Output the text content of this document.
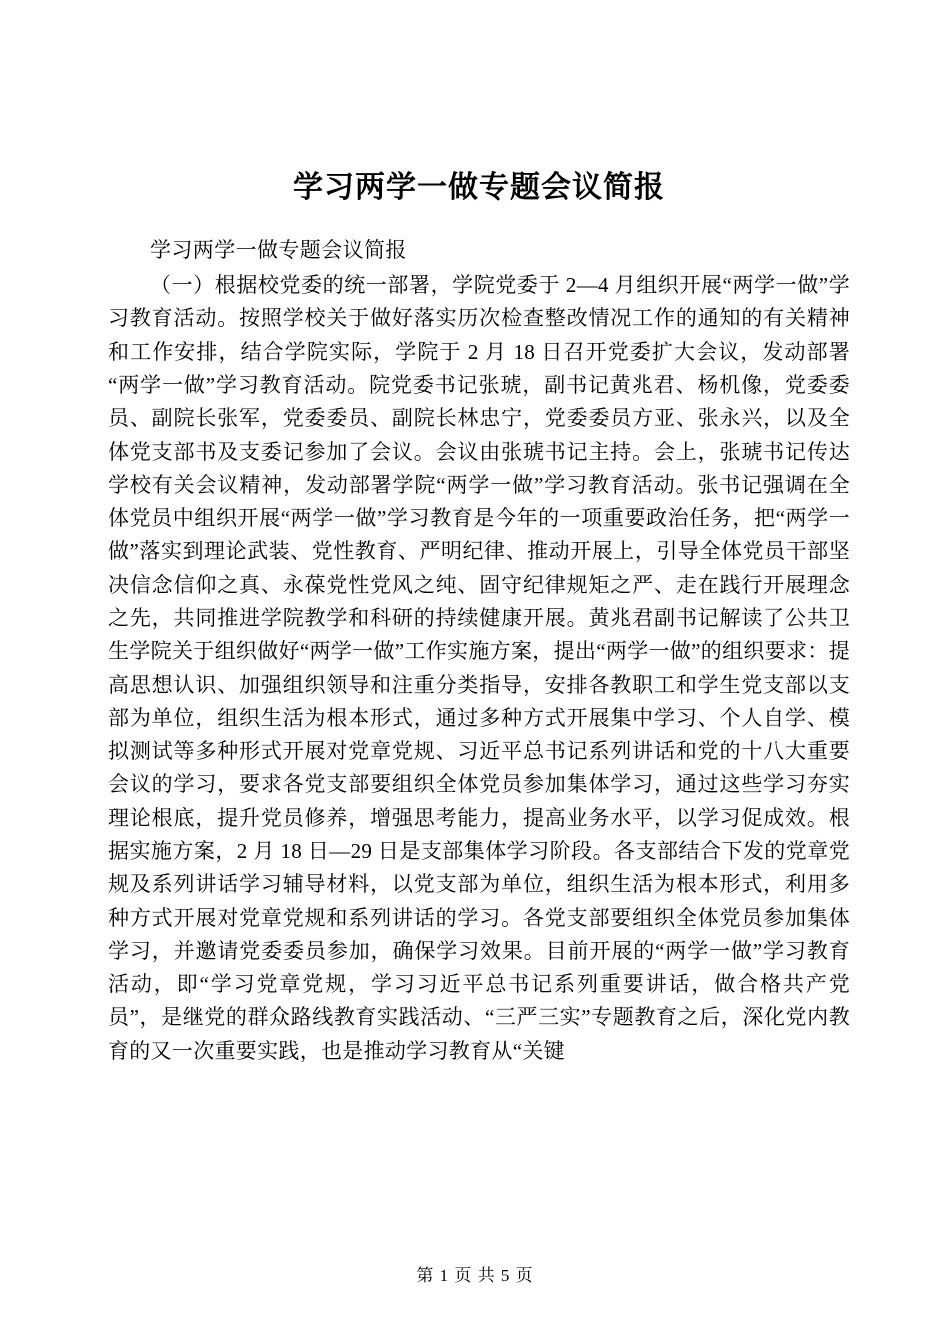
学习两学一做专题会议简报

学习两学一做专题会议简报

（一）根据校党委的统一部署，学院党委于 2—4 月组织开展“两学一做”学习教育活动。按照学校关于做好落实历次检查整改情况工作的通知的有关精神和工作安排，结合学院实际，学院于 2 月 18 日召开党委扩大会议，发动部署“两学一做”学习教育活动。院党委书记张琥，副书记黄兆君、杨机像，党委委员、副院长张军，党委委员、副院长林忠宁，党委委员方亚、张永兴，以及全体党支部书及支委记参加了会议。会议由张琥书记主持。会上，张琥书记传达学校有关会议精神，发动部署学院“两学一做”学习教育活动。张书记强调在全体党员中组织开展“两学一做”学习教育是今年的一项重要政治任务，把“两学一做”落实到理论武装、党性教育、严明纪律、推动开展上，引导全体党员干部坚决信念信仰之真、永葆党性党风之纯、固守纪律规矩之严、走在践行开展理念之先，共同推进学院教学和科研的持续健康开展。黄兆君副书记解读了公共卫生学院关于组织做好“两学一做”工作实施方案，提出“两学一做”的组织要求：提高思想认识、加强组织领导和注重分类指导，安排各教职工和学生党支部以支部为单位，组织生活为根本形式，通过多种方式开展集中学习、个人自学、模拟测试等多种形式开展对党章党规、习近平总书记系列讲话和党的十八大重要会议的学习，要求各党支部要组织全体党员参加集体学习，通过这些学习夯实理论根底，提升党员修养，增强思考能力，提高业务水平，以学习促成效。根据实施方案，2 月 18 日—29 日是支部集体学习阶段。各支部结合下发的党章党规及系列讲话学习辅导材料，以党支部为单位，组织生活为根本形式，利用多种方式开展对党章党规和系列讲话的学习。各党支部要组织全体党员参加集体学习，并邀请党委委员参加，确保学习效果。目前开展的“两学一做”学习教育活动，即“学习党章党规，学习习近平总书记系列重要讲话，做合格共产党员”，是继党的群众路线教育实践活动、“三严三实”专题教育之后，深化党内教育的又一次重要实践，也是推动学习教育从“关键

第 1 页 共 5 页
